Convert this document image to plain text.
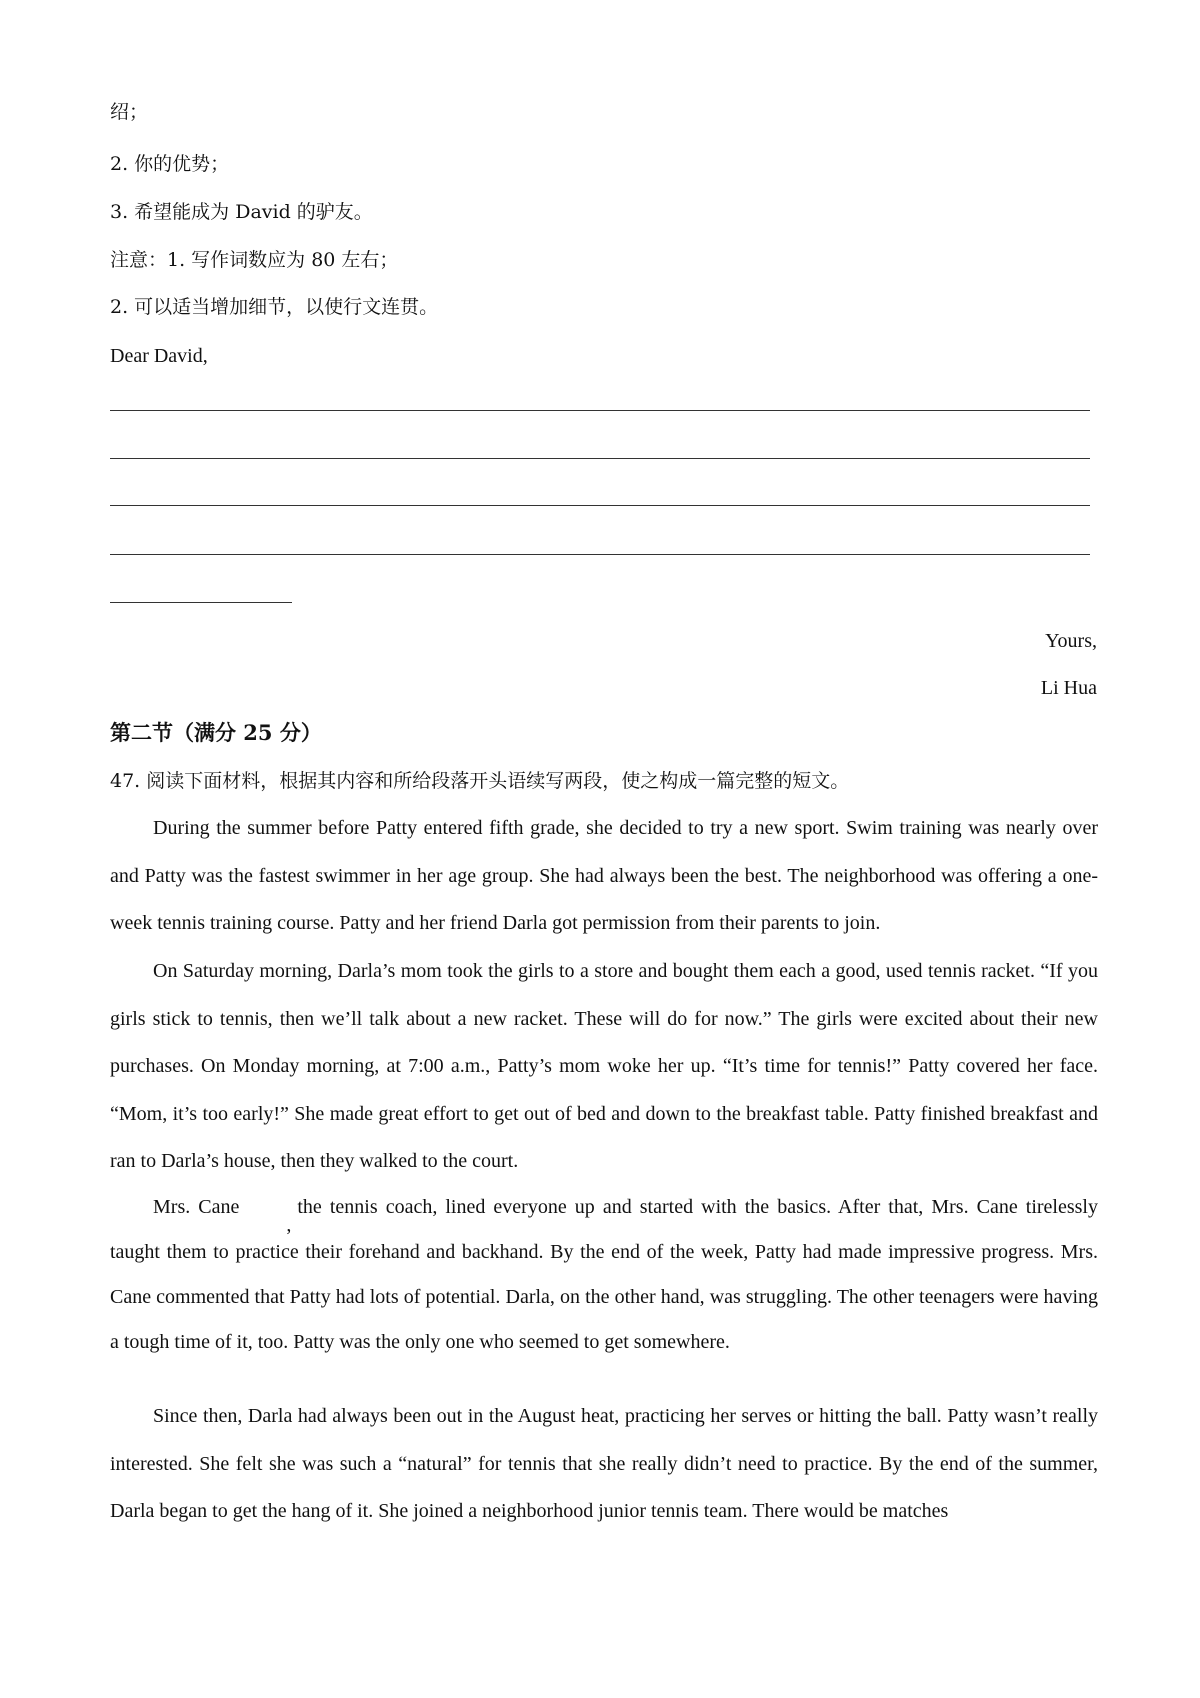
绍；
2. 你的优势；
3. 希望能成为 David 的驴友。
注意：1. 写作词数应为 80 左右；
2. 可以适当增加细节，以使行文连贯。
Dear David,
Yours,
Li Hua
第二节（满分 25 分）
47. 阅读下面材料，根据其内容和所给段落开头语续写两段，使之构成一篇完整的短文。
During the summer before Patty entered fifth grade, she decided to try a new sport. Swim training was nearly over and Patty was the fastest swimmer in her age group. She had always been the best. The neighborhood was offering a one-week tennis training course. Patty and her friend Darla got permission from their parents to join.
On Saturday morning, Darla’s mom took the girls to a store and bought them each a good, used tennis racket. “If you girls stick to tennis, then we’ll talk about a new racket. These will do for now.” The girls were excited about their new purchases. On Monday morning, at 7:00 a.m., Patty’s mom woke her up. “It’s time for tennis!” Patty covered her face. “Mom, it’s too early!” She made great effort to get out of bed and down to the breakfast table. Patty finished breakfast and ran to Darla’s house, then they walked to the court.
Mrs. Cane,the tennis coach, lined everyone up and started with the basics. After that, Mrs. Cane tirelessly taught them to practice their forehand and backhand. By the end of the week, Patty had made impressive progress. Mrs. Cane commented that Patty had lots of potential. Darla, on the other hand, was struggling. The other teenagers were having a tough time of it, too. Patty was the only one who seemed to get somewhere.
Since then, Darla had always been out in the August heat, practicing her serves or hitting the ball. Patty wasn’t really interested. She felt she was such a “natural” for tennis that she really didn’t need to practice. By the end of the summer, Darla began to get the hang of it. She joined a neighborhood junior tennis team. There would be matches
